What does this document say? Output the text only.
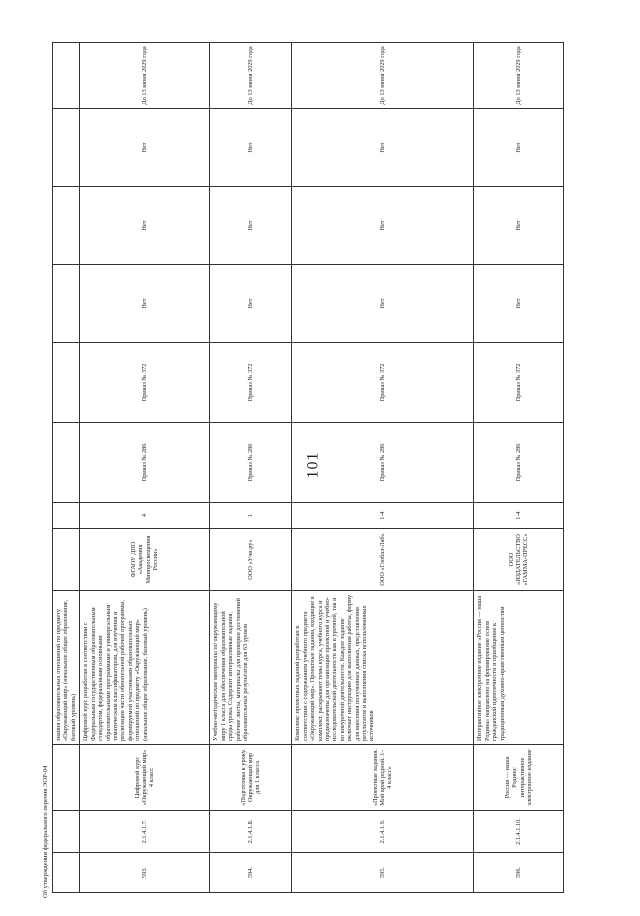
101
			знания образовательных отношений по предмету «Окружающий мир» (начальное общее образование, базовый уровень)								
593.	2.1.4.1.7.	Цифровой курс «Окружающий мир» 4 класс	Цифровой курс разработан в соответствии с Федеральным государственным образовательным стандартом, федеральными основными образовательными программами и универсальным тематическим классификатором, для изучения и реализации части обязательной рабочей программы, формируемой участниками образовательных отношений по предмету «Окружающий мир» (начальное общее образование, базовый уровень)	ФГАОУ ДПО «Академия Минпросвещения России»	4	Приказ № 286	Приказ № 372	Нет	Нет	Нет	До 13 июня 2029 года
594.	2.1.4.1.8.	«Подготовка к уроку. Окружающий мир для 1 класса	Учебно-методические материалы по окружающему миру 1 класса для обеспечения образовательной среды урока. Содержит интерактивные задания, рабочие листы, материалы для проверки достижений образовательных результатов для 63 уроков	ООО «Учи.ру»	1	Приказ № 286	Приказ № 372	Нет	Нет	Нет	До 13 июня 2029 года
595.	2.1.4.1.9.	«Проектные задания. Мой край родной. 1–4 класс»	Комплекс проектных заданий разработан в соответствии с содержанием учебного предмета «Окружающий мир». Проектные задания, входящие в комплект, раскрывают темы курса, учебного курса и предназначены для организации проектной и учебно-исследовательской деятельности как в урочной, так и во внеурочной деятельности. Каждое задание включает инструкцию для выполнения работы, форму для внесения полученных данных, представления результатов и выполнения списка использованных источников	ООО «Глобал-Лаб»	1-4	Приказ № 286	Приказ № 372	Нет	Нет	Нет	До 13 июня 2029 года
596.	2.1.4.1.10.	Россия — наша Родина: интерактивное электронное издание	Интерактивное электронное издание «Россия — наша Родина» направлено на формирование основ гражданской идентичности и приобщение к традиционным духовно-нравственным ценностям	ООО «ИЗДАТЕЛЬСТВО «ГАММА-ПРЕСС»	1-4	Приказ № 286	Приказ № 372	Нет	Нет	Нет	До 13 июня 2029 года
Об утверждении федерального перечня ЭОР-04
